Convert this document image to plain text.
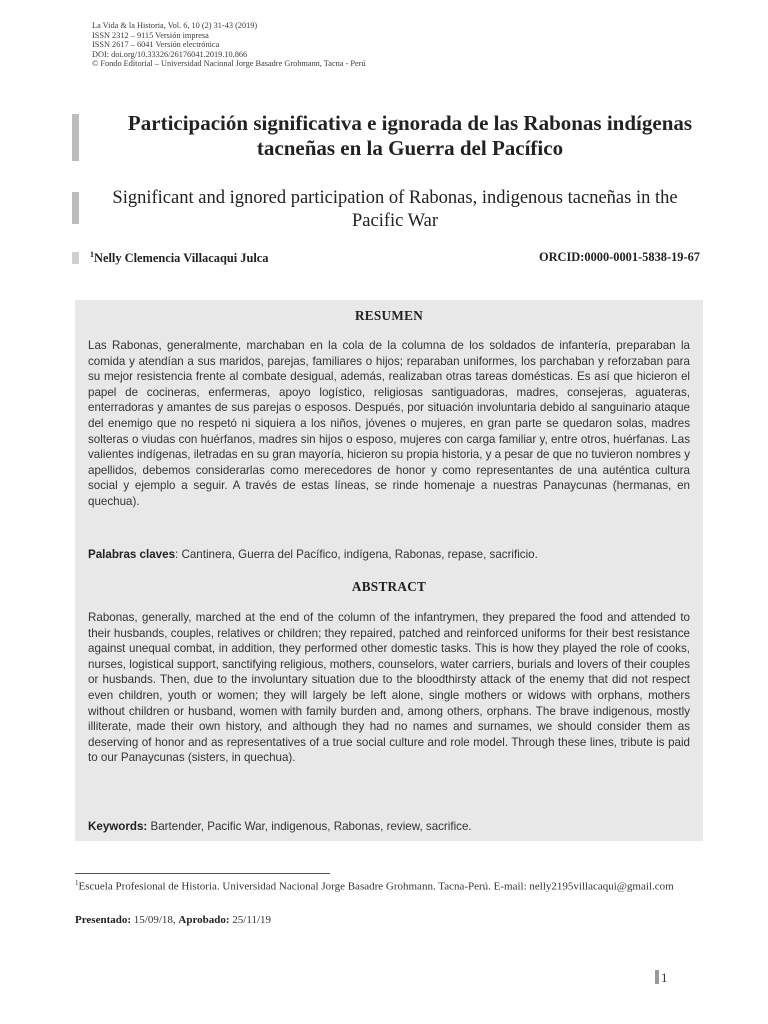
La Vida & la Historia, Vol. 6, 10 (2) 31-43 (2019)
ISSN 2312 – 9115 Versión impresa
ISSN 2617 – 6041 Versión electrónica
DOI: doi.org/10.33326/26176041.2019.10.866
© Fondo Editorial – Universidad Nacional Jorge Basadre Grohmann, Tacna - Perú
Participación significativa e ignorada de las Rabonas indígenas tacneñas en la Guerra del Pacífico
Significant and ignored participation of Rabonas, indigenous tacneñas in the Pacific War
$^1$Nelly Clemencia Villacaqui Julca	ORCID:0000-0001-5838-19-67
RESUMEN

Las Rabonas, generalmente, marchaban en la cola de la columna de los soldados de infantería, preparaban la comida y atendían a sus maridos, parejas, familiares o hijos; reparaban uniformes, los parchaban y reforzaban para su mejor resistencia frente al combate desigual, además, realizaban otras tareas domésticas. Es así que hicieron el papel de cocineras, enfermeras, apoyo logístico, religiosas santiguadoras, madres, consejeras, aguateras, enterradoras y amantes de sus parejas o esposos. Después, por situación involuntaria debido al sanguinario ataque del enemigo que no respetó ni siquiera a los niños, jóvenes o mujeres, en gran parte se quedaron solas, madres solteras o viudas con huérfanos, madres sin hijos o esposo, mujeres con carga familiar y, entre otros, huérfanas. Las valientes indígenas, iletradas en su gran mayoría, hicieron su propia historia, y a pesar de que no tuvieron nombres y apellidos, debemos considerarlas como merecedores de honor y como representantes de una auténtica cultura social y ejemplo a seguir. A través de estas líneas, se rinde homenaje a nuestras Panaycunas (hermanas, en quechua).

Palabras claves: Cantinera, Guerra del Pacífico, indígena, Rabonas, repase, sacrificio.

ABSTRACT

Rabonas, generally, marched at the end of the column of the infantrymen, they prepared the food and attended to their husbands, couples, relatives or children; they repaired, patched and reinforced uniforms for their best resistance against unequal combat, in addition, they performed other domestic tasks. This is how they played the role of cooks, nurses, logistical support, sanctifying religious, mothers, counselors, water carriers, burials and lovers of their couples or husbands. Then, due to the involuntary situation due to the bloodthirsty attack of the enemy that did not respect even children, youth or women; they will largely be left alone, single mothers or widows with orphans, mothers without children or husband, women with family burden and, among others, orphans. The brave indigenous, mostly illiterate, made their own history, and although they had no names and surnames, we should consider them as deserving of honor and as representatives of a true social culture and role model. Through these lines, tribute is paid to our Panaycunas (sisters, in quechua).

Keywords: Bartender, Pacific War, indigenous, Rabonas, review, sacrifice.

$^1$Escuela Profesional de Historia. Universidad Nacional Jorge Basadre Grohmann. Tacna-Perú. E-mail: nelly2195villacaqui@gmail.com
Presentado: 15/09/18, Aprobado: 25/11/19
1
